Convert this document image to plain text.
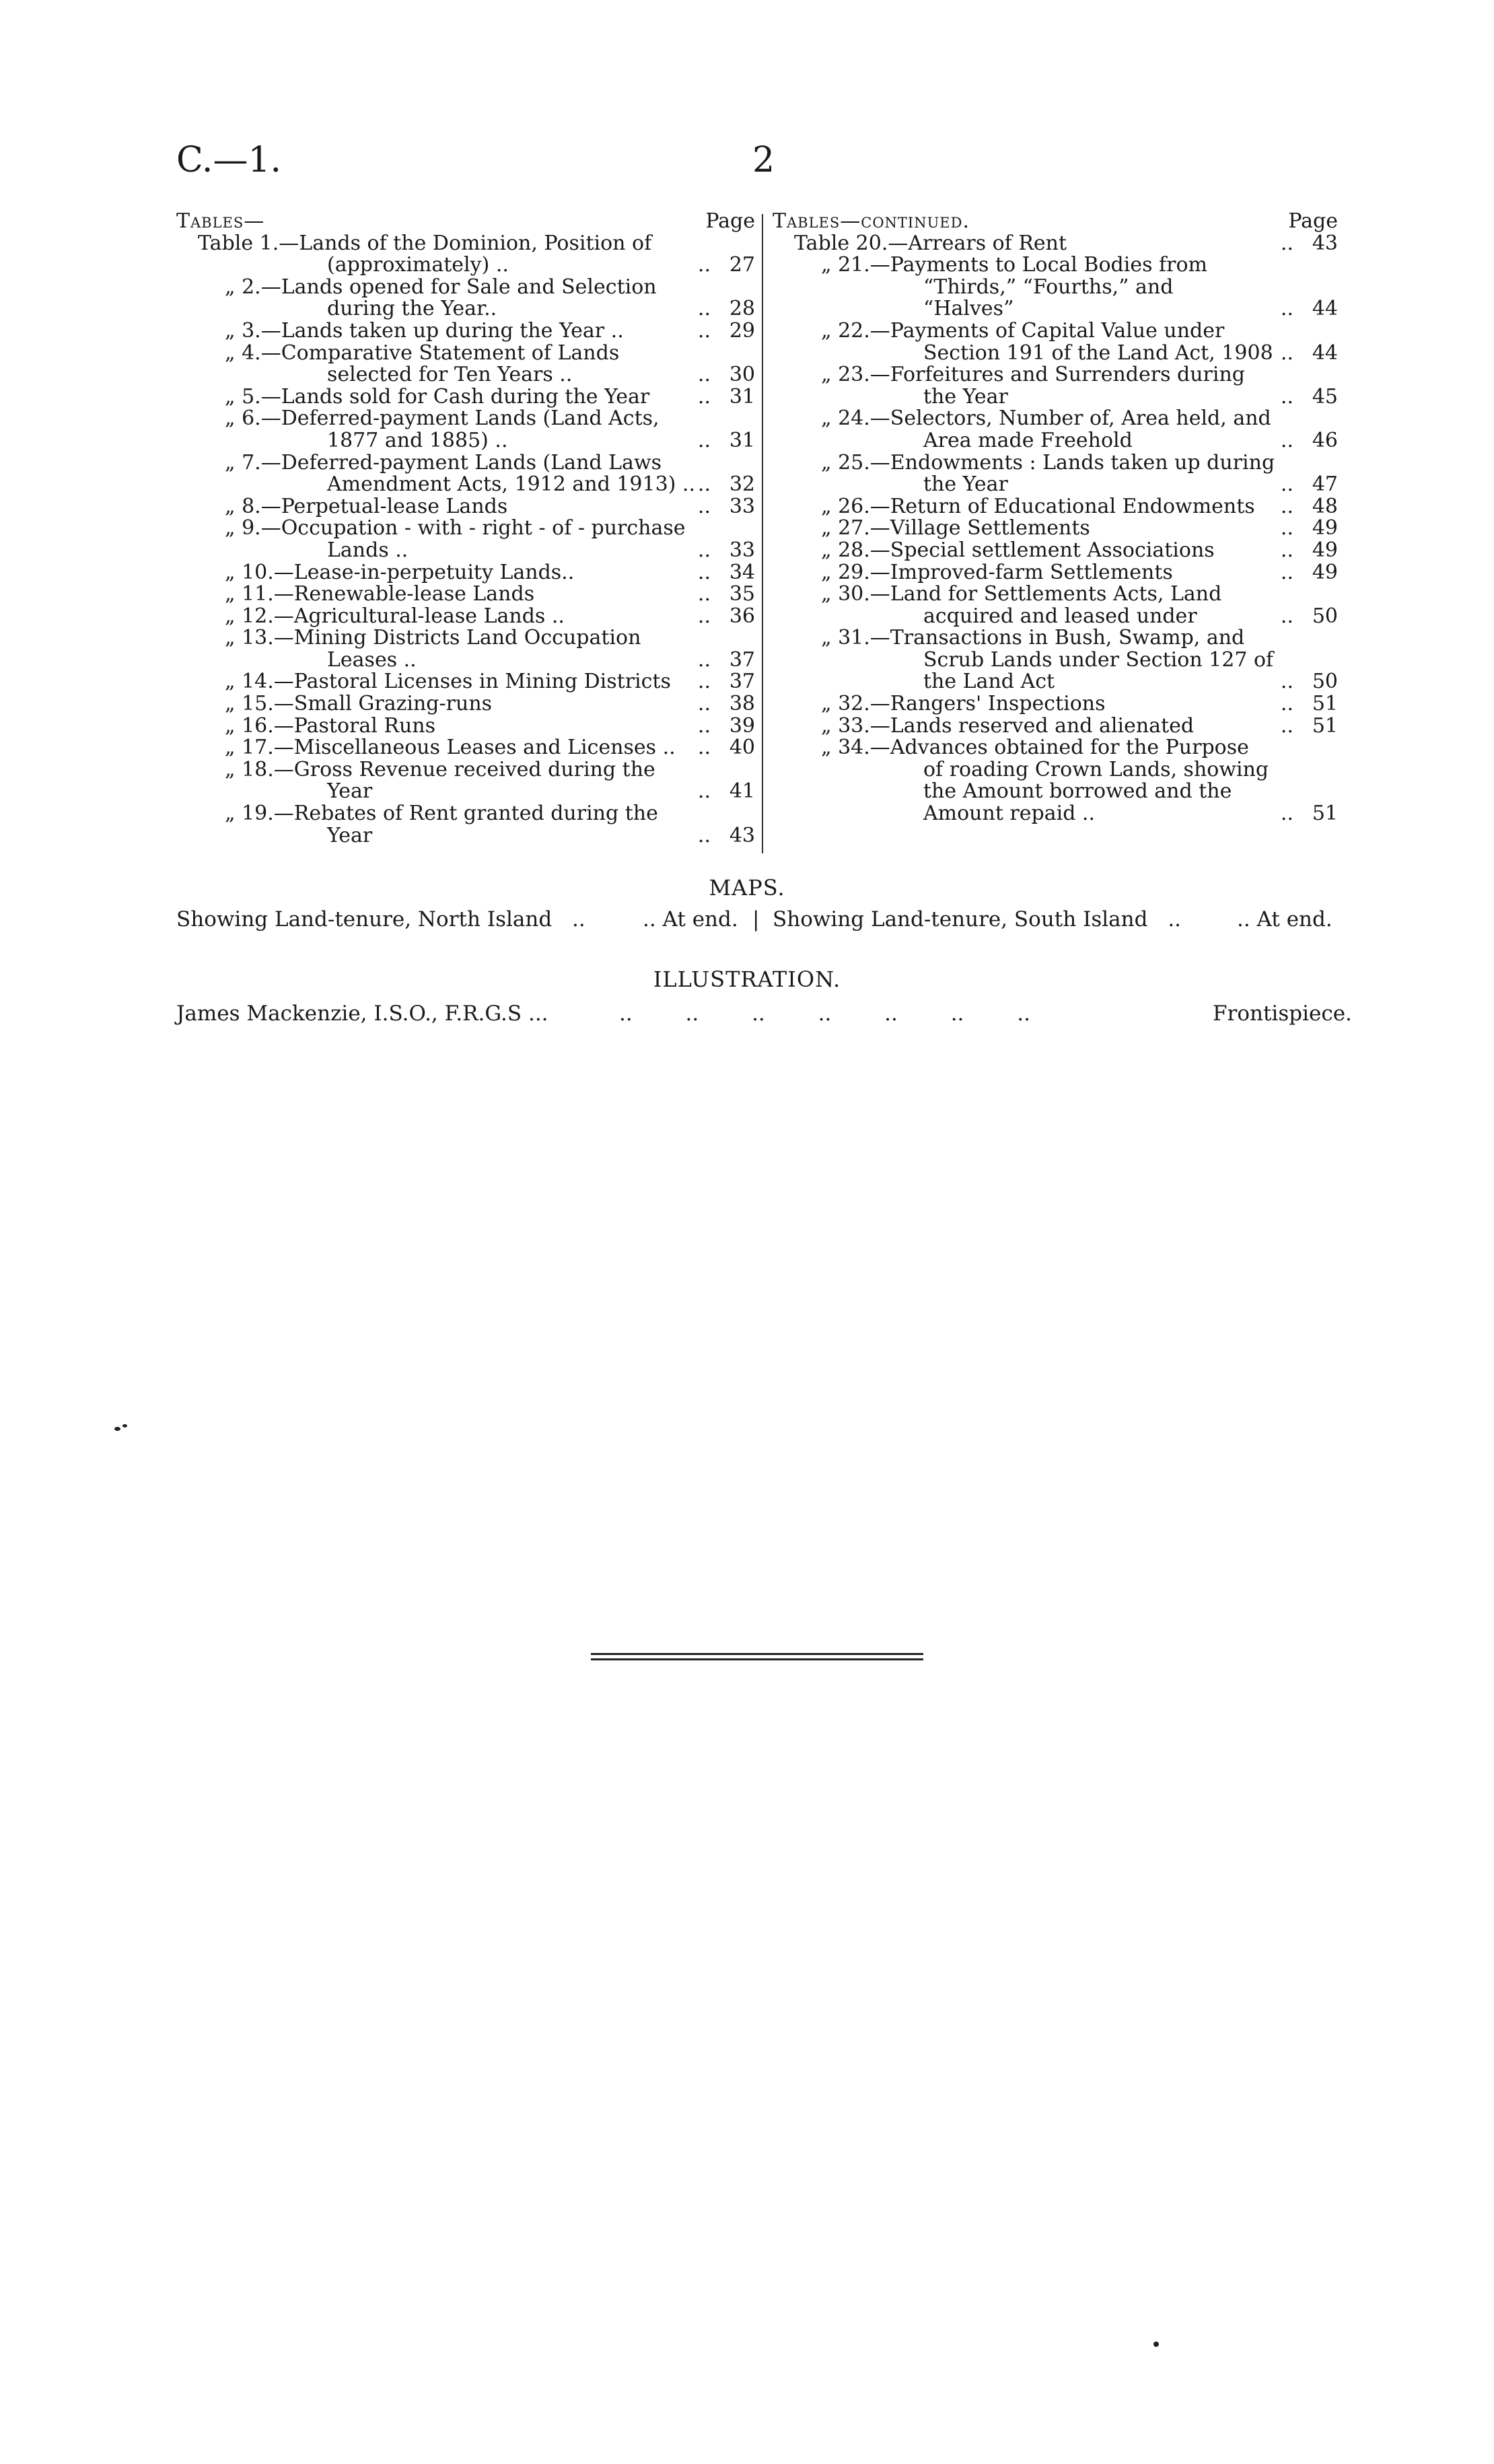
C.—1.	2
Tables—	Page
Table 1.—Lands of the Dominion, Position of
(approximately) ..	.. 27
„ 2.—Lands opened for Sale and Selection
during the Year..	.. 28
„ 3.—Lands taken up during the Year ..	.. 29
„ 4.—Comparative Statement of Lands
selected for Ten Years ..	.. 30
„ 5.—Lands sold for Cash during the Year	.. 31
„ 6.—Deferred-payment Lands (Land Acts,
1877 and 1885) ..	.. 31
„ 7.—Deferred-payment Lands (Land Laws
Amendment Acts, 1912 and 1913) .. .. 32
„ 8.—Perpetual-lease Lands	.. 33
„ 9.—Occupation - with - right - of - purchase
Lands ..	.. 33
„ 10.—Lease-in-perpetuity Lands..	.. 34
„ 11.—Renewable-lease Lands	.. 35
„ 12.—Agricultural-lease Lands ..	.. 36
„ 13.—Mining Districts Land Occupation
Leases ..	.. 37
„ 14.—Pastoral Licenses in Mining Districts	.. 37
„ 15.—Small Grazing-runs	.. 38
„ 16.—Pastoral Runs	.. 39
„ 17.—Miscellaneous Leases and Licenses ..	.. 40
„ 18.—Gross Revenue received during the
Year	.. 41
„ 19.—Rebates of Rent granted during the
Year	.. 43
Tables—continued.	Page
Table 20.—Arrears of Rent	.. 43
„ 21.—Payments to Local Bodies from
“Thirds,” “Fourths,” and
“Halves”	.. 44
„ 22.—Payments of Capital Value under
Section 191 of the Land Act, 1908 .. 44
„ 23.—Forfeitures and Surrenders during
the Year	.. 45
„ 24.—Selectors, Number of, Area held, and
Area made Freehold	.. 46
„ 25.—Endowments : Lands taken up during
the Year	.. 47
„ 26.—Return of Educational Endowments	.. 48
„ 27.—Village Settlements	.. 49
„ 28.—Special settlement Associations	.. 49
„ 29.—Improved-farm Settlements	.. 49
„ 30.—Land for Settlements Acts, Land
acquired and leased under	.. 50
„ 31.—Transactions in Bush, Swamp, and
Scrub Lands under Section 127 of
the Land Act	.. 50
„ 32.—Rangers' Inspections	.. 51
„ 33.—Lands reserved and alienated	.. 51
„ 34.—Advances obtained for the Purpose
of roading Crown Lands, showing
the Amount borrowed and the
Amount repaid ..	.. 51
MAPS.
Showing Land-tenure, North Island ..	.. At end. | Showing Land-tenure, South Island ..	.. At end.
ILLUSTRATION.
James Mackenzie, I.S.O., F.R.G.S ...	..        ..        ..        ..        ..        ..        ..	Frontispiece.
